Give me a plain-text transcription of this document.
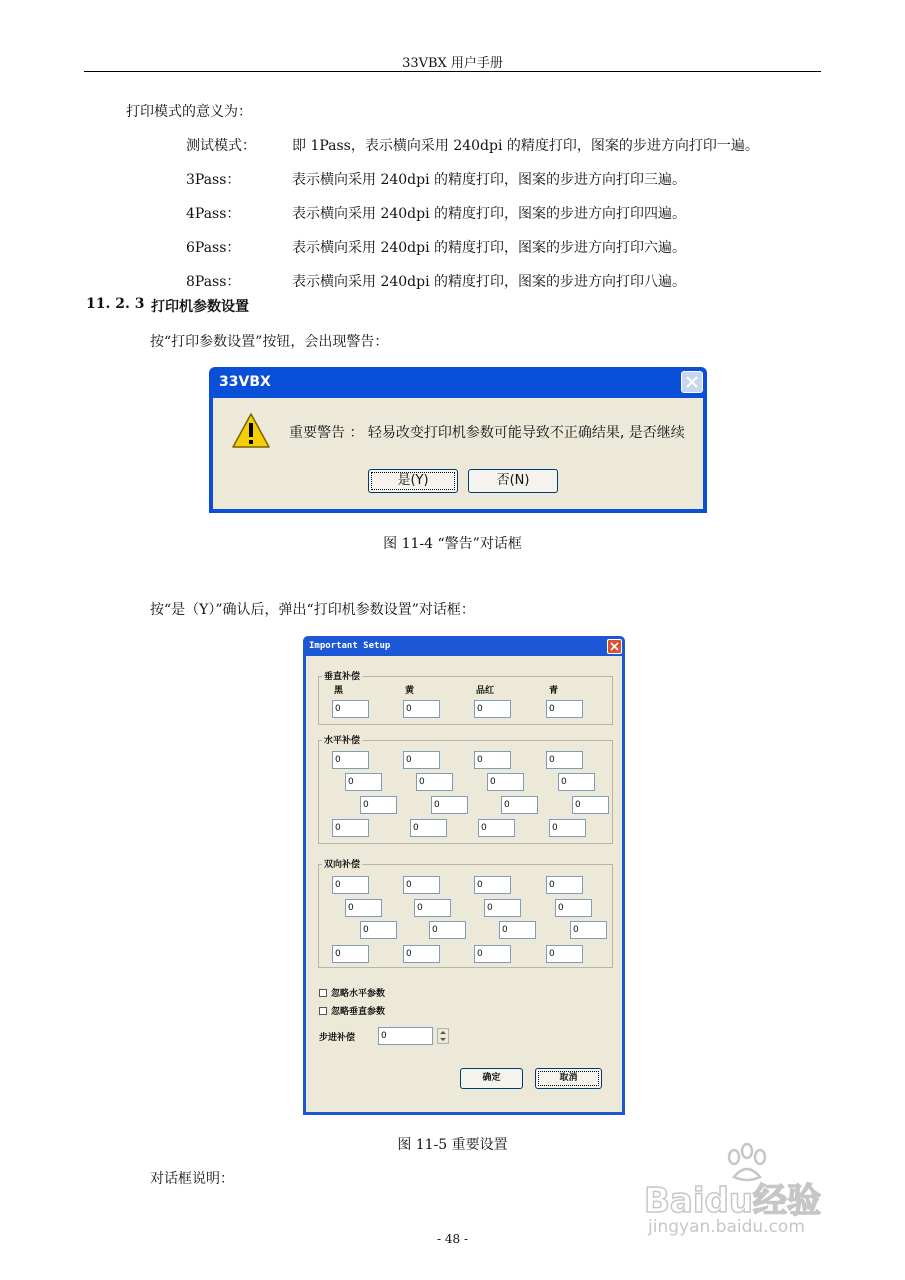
33VBX 用户手册
打印模式的意义为：
测试模式：	即 1Pass，表示横向采用 240dpi 的精度打印，图案的步进方向打印一遍。
3Pass：	表示横向采用 240dpi 的精度打印，图案的步进方向打印三遍。
4Pass：	表示横向采用 240dpi 的精度打印，图案的步进方向打印四遍。
6Pass：	表示横向采用 240dpi 的精度打印，图案的步进方向打印六遍。
8Pass：	表示横向采用 240dpi 的精度打印，图案的步进方向打印八遍。
11. 2. 3 打印机参数设置
按“打印参数设置”按钮，会出现警告：
33VBX
重要警告 ： 轻易改变打印机参数可能导致不正确结果, 是否继续
是(Y)	否(N)
图 11-4 “警告”对话框
按“是（Y）”确认后，弹出“打印机参数设置”对话框：
Important Setup
垂直补偿
黑	黄	品红	青
0	0	0	0
水平补偿
0	0	0	0
0	0	0	0
0	0	0	0
0	0	0	0
双向补偿
0	0	0	0
0	0	0	0
0	0	0	0
0	0	0	0
忽略水平参数
忽略垂直参数
步进补偿	0
确定	取消
图 11-5 重要设置
对话框说明：
Baidu经验
jingyan.baidu.com
- 48 -
